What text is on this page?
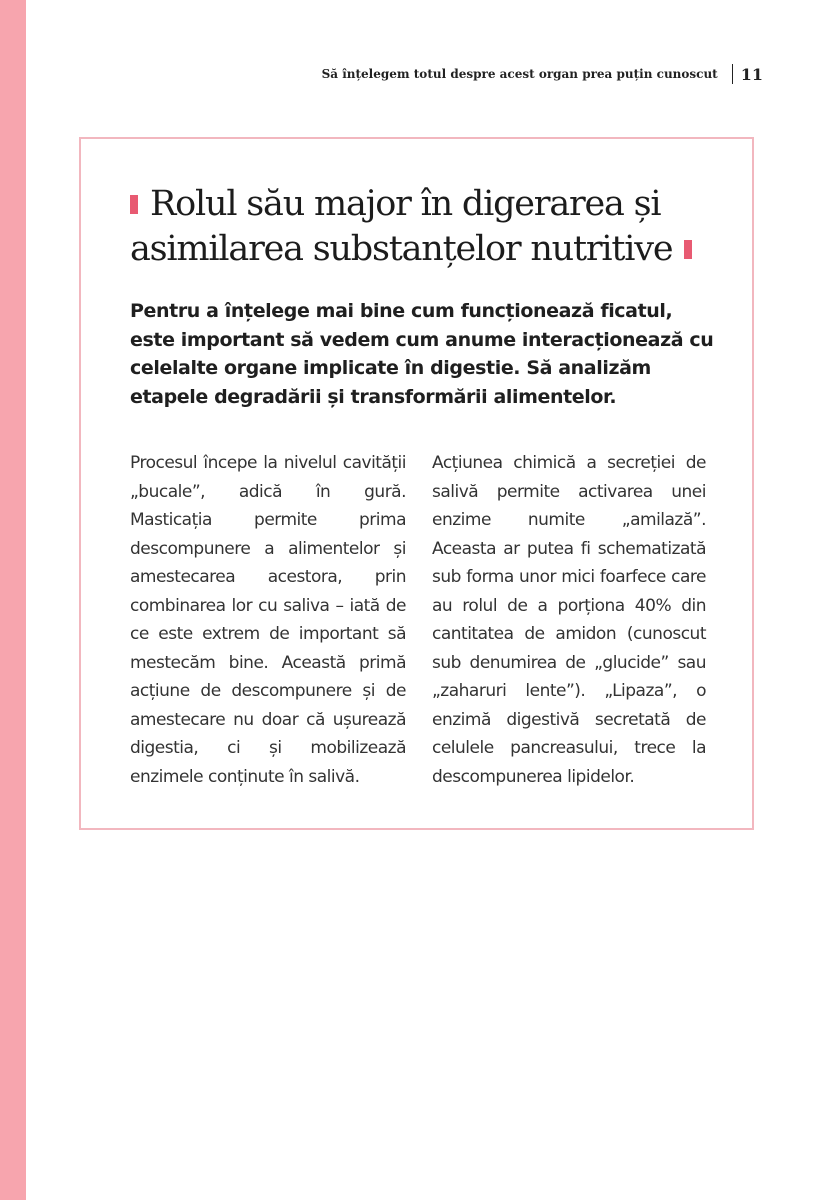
Să înțelegem totul despre acest organ prea puțin cunoscut 11
Rolul său major în digerarea și asimilarea substanțelor nutritive

Pentru a înțelege mai bine cum funcționează ficatul, este important să vedem cum anume interacționează cu celelalte organe implicate în digestie. Să analizăm etapele degradării și transformării alimentelor.

Procesul începe la nivelul cavității „bucale”, adică în gură. Masticația permite prima descompunere a alimentelor și amestecarea acestora, prin combinarea lor cu saliva – iată de ce este extrem de important să mestecăm bine. Această primă acțiune de descompunere și de amestecare nu doar că ușurează digestia, ci și mobilizează enzimele conținute în salivă.

Acțiunea chimică a secreției de salivă permite activarea unei enzime numite „amilază”. Aceasta ar putea fi schematizată sub forma unor mici foarfece care au rolul de a porționa 40% din cantitatea de amidon (cunoscut sub denumirea de „glucide” sau „zaharuri lente”). „Lipaza”, o enzimă digestivă secretată de celulele pancreasului, trece la descompunerea lipidelor.
